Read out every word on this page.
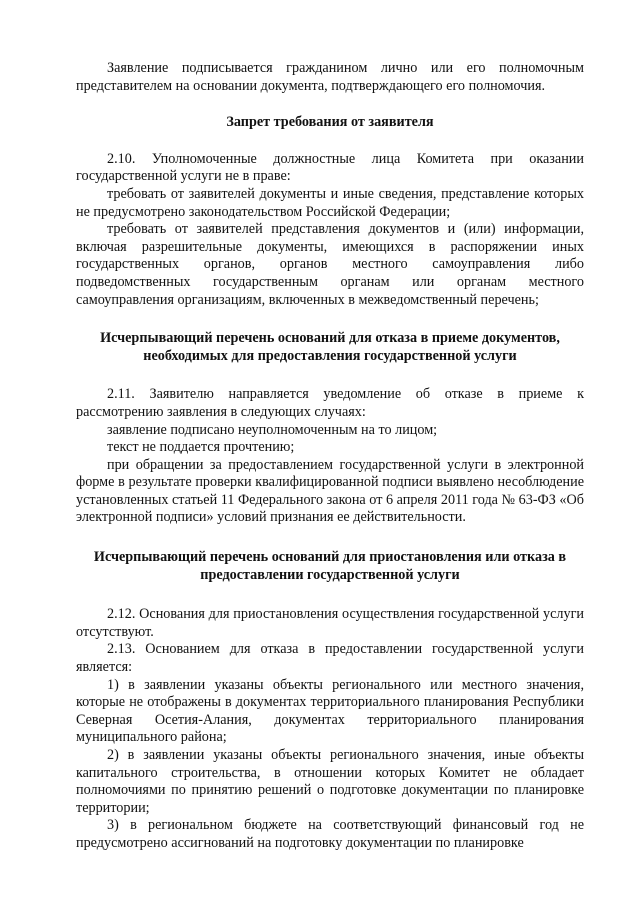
Заявление подписывается гражданином лично или его полномочным представителем на основании документа, подтверждающего его полномочия.

Запрет требования от заявителя

2.10. Уполномоченные должностные лица Комитета при оказании государственной услуги не в праве:

требовать от заявителей документы и иные сведения, представление которых не предусмотрено законодательством Российской Федерации;

требовать от заявителей представления документов и (или) информации, включая разрешительные документы, имеющихся в распоряжении иных государственных органов, органов местного самоуправления либо подведомственных государственным органам или органам местного самоуправления организациям, включенных в межведомственный перечень;

Исчерпывающий перечень оснований для отказа в приеме документов, необходимых для предоставления государственной услуги

2.11. Заявителю направляется уведомление об отказе в приеме к рассмотрению заявления в следующих случаях:

заявление подписано неуполномоченным на то лицом;

текст не поддается прочтению;

при обращении за предоставлением государственной услуги в электронной форме в результате проверки квалифицированной подписи выявлено несоблюдение установленных статьей 11 Федерального закона от 6 апреля 2011 года № 63-ФЗ «Об электронной подписи» условий признания ее действительности.

Исчерпывающий перечень оснований для приостановления или отказа в предоставлении государственной услуги

2.12. Основания для приостановления осуществления государственной услуги отсутствуют.

2.13. Основанием для отказа в предоставлении государственной услуги является:

1) в заявлении указаны объекты регионального или местного значения, которые не отображены в документах территориального планирования Республики Северная Осетия-Алания, документах территориального планирования муниципального района;

2) в заявлении указаны объекты регионального значения, иные объекты капитального строительства, в отношении которых Комитет не обладает полномочиями по принятию решений о подготовке документации по планировке территории;

3) в региональном бюджете на соответствующий финансовый год не предусмотрено ассигнований на подготовку документации по планировке
